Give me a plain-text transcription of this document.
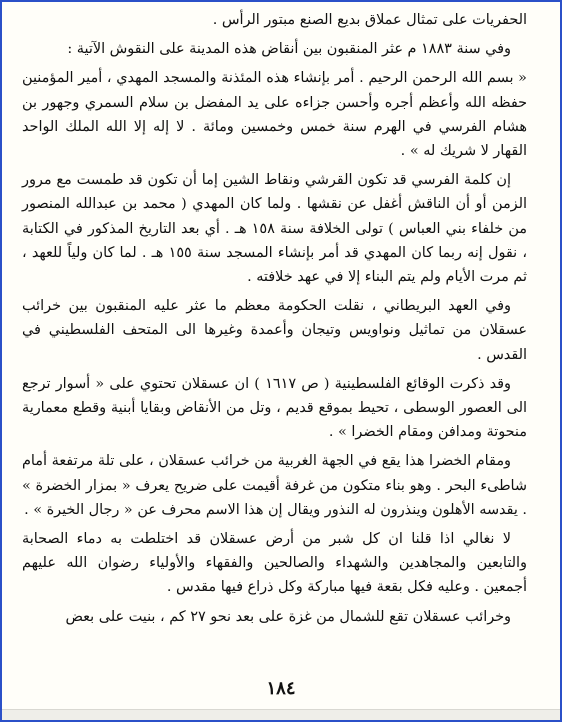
الحفريات على تمثال عملاق بديع الصنع مبتور الرأس .

وفي سنة ١٨٨٣ م عثر المنقبون بين أنقاض هذه المدينة على النقوش الآتية :

« بسم الله الرحمن الرحيم . أمر بإنشاء هذه المئذنة والمسجد المهدي ، أمير المؤمنين حفظه الله وأعظم أجره وأحسن جزاءه على يد المفضل بن سلام السمري وجهور بن هشام الفرسي في الهرم سنة خمس وخمسين ومائة . لا إله إلا الله الملك الواحد القهار لا شريك له » .

إن كلمة الفرسي قد تكون القرشي ونقاط الشين إما أن تكون قد طمست مع مرور الزمن أو أن الناقش أغفل عن نقشها . ولما كان المهدي ( محمد بن عبدالله المنصور من خلفاء بني العباس ) تولى الخلافة سنة ١٥٨ هـ . أي بعد التاريخ المذكور في الكتابة ، نقول إنه ربما كان المهدي قد أمر بإنشاء المسجد سنة ١٥٥ هـ . لما كان ولياً للعهد ، ثم مرت الأيام ولم يتم البناء إلا في عهد خلافته .

وفي العهد البريطاني ، نقلت الحكومة معظم ما عثر عليه المنقبون بين خرائب عسقلان من تماثيل ونواويس وتيجان وأعمدة وغيرها الى المتحف الفلسطيني في القدس .

وقد ذكرت الوقائع الفلسطينية ( ص ١٦١٧ ) ان عسقلان تحتوي على « أسوار ترجع الى العصور الوسطى ، تحيط بموقع قديم ، وتل من الأنقاض وبقايا أبنية وقطع معمارية منحوتة ومدافن ومقام الخضرا » .

ومقام الخضرا هذا يقع في الجهة الغربية من خرائب عسقلان ، على تلة مرتفعة أمام شاطىء البحر . وهو بناء متكون من غرفة أقيمت على ضريح يعرف « بمزار الخضرة » . يقدسه الأهلون وينذرون له النذور ويقال إن هذا الاسم محرف عن « رجال الخيرة » .

لا نغالي اذا قلنا ان كل شبر من أرض عسقلان قد اختلطت به دماء الصحابة والتابعين والمجاهدين والشهداء والصالحين والفقهاء والأولياء رضوان الله عليهم أجمعين . وعليه فكل بقعة فيها مباركة وكل ذراع فيها مقدس .

وخرائب عسقلان تقع للشمال من غزة على بعد نحو ٢٧ كم ، بنيت على بعض

١٨٤
